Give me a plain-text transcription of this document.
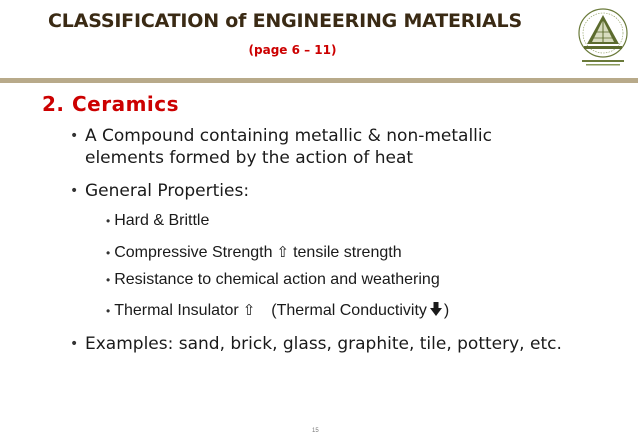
CLASSIFICATION of ENGINEERING MATERIALS
(page 6 – 11)
2. Ceramics
• A Compound containing metallic & non-metallic elements formed by the action of heat
• General Properties:
• Hard & Brittle
• Compressive Strength ⇧ tensile strength
• Resistance to chemical action and weathering
• Thermal Insulator ⇧ (Thermal Conductivity )
• Examples: sand, brick, glass, graphite, tile, pottery, etc.
15
